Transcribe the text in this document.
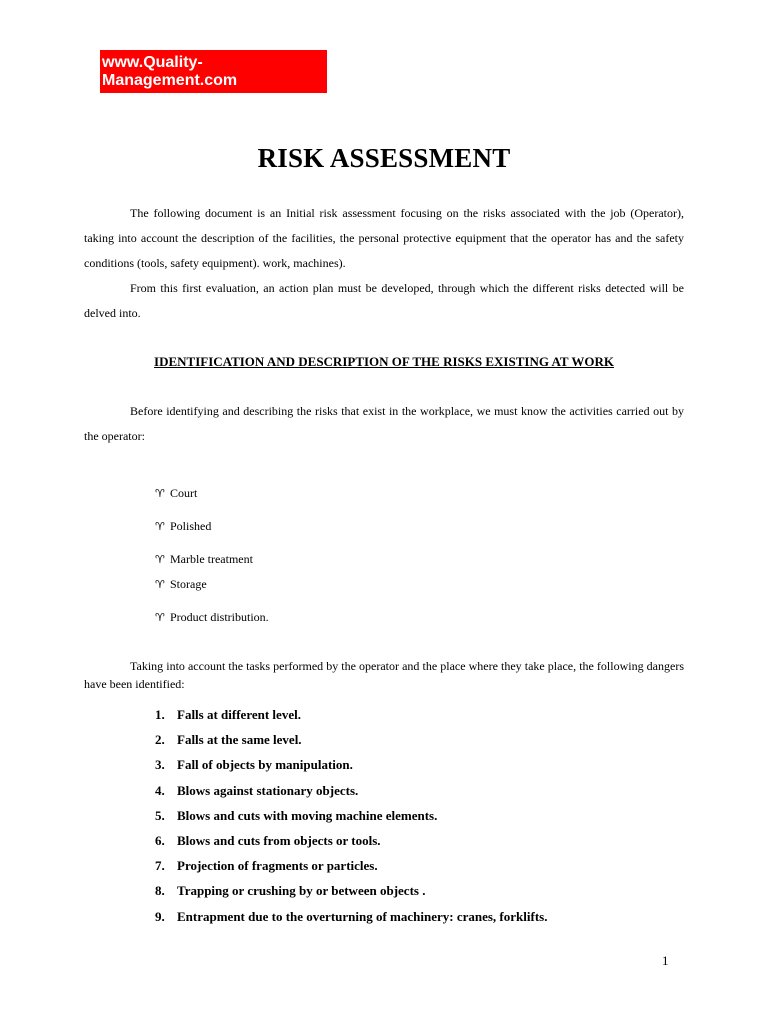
www.Quality-
Management.com
RISK ASSESSMENT

The following document is an Initial risk assessment focusing on the risks associated with the job (Operator), taking into account the description of the facilities, the personal protective equipment that the operator has and the safety conditions (tools, safety equipment). work, machines).

From this first evaluation, an action plan must be developed, through which the different risks detected will be delved into.

IDENTIFICATION AND DESCRIPTION OF THE RISKS EXISTING AT WORK

Before identifying and describing the risks that exist in the workplace, we must know the activities carried out by the operator:

♈ Court
♈ Polished
♈ Marble treatment
♈ Storage
♈ Product distribution.

Taking into account the tasks performed by the operator and the place where they take place, the following dangers have been identified:

1. Falls at different level.
2. Falls at the same level.
3. Fall of objects by manipulation.
4. Blows against stationary objects.
5. Blows and cuts with moving machine elements.
6. Blows and cuts from objects or tools.
7. Projection of fragments or particles.
8. Trapping or crushing by or between objects .
9. Entrapment due to the overturning of machinery: cranes, forklifts.
1
